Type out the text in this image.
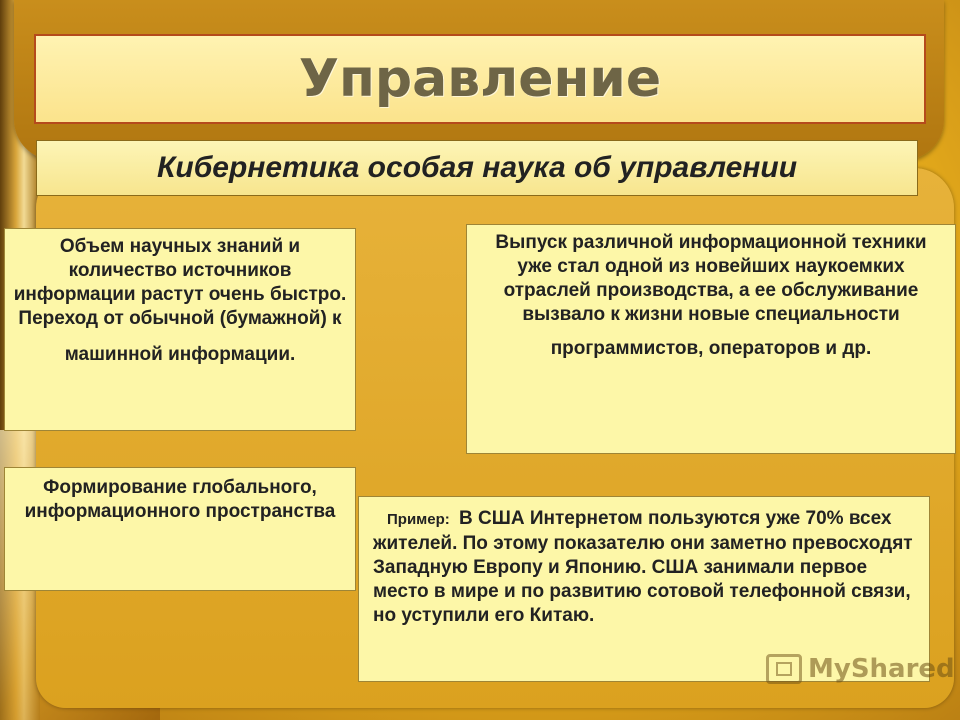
Управление
Кибернетика особая наука об управлении

Объем научных знаний и количество источников информации растут очень быстро. Переход от обычной (бумажной) к

машинной информации.

Выпуск различной информационной техники уже стал одной из новейших наукоемких отраслей производства, а ее обслуживание вызвало к жизни новые специальности

программистов, операторов и др.

Формирование глобального, информационного пространства	Пример: В США Интернетом пользуются уже 70% всех жителей. По этому показателю они заметно превосходят Западную Европу и Японию. США занимали первое место в мире и по развитию сотовой телефонной связи, но уступили его Китаю.

MyShared
